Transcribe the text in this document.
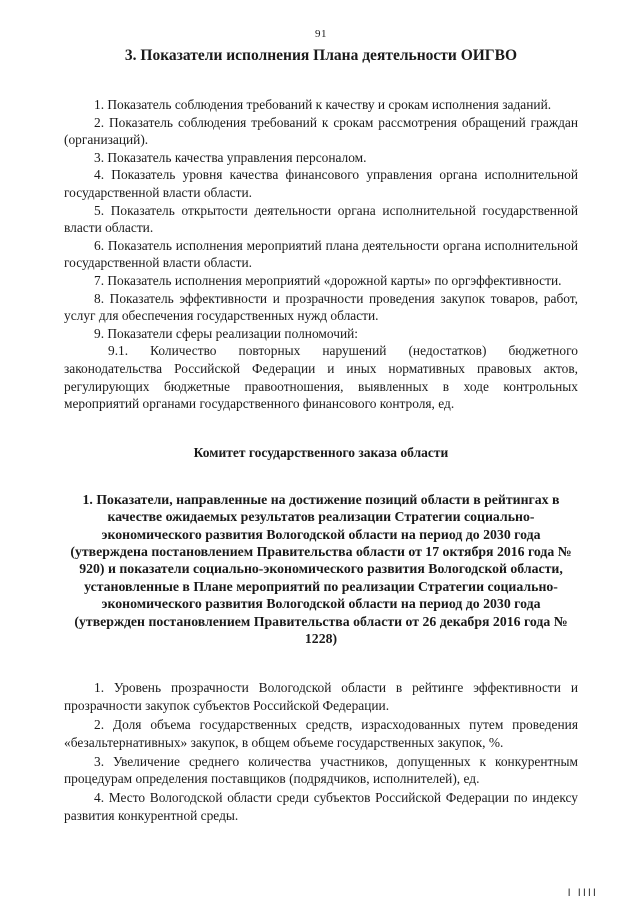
91
3. Показатели исполнения Плана деятельности ОИГВО

1. Показатель соблюдения требований к качеству и срокам исполнения заданий.

2. Показатель соблюдения требований к срокам рассмотрения обращений граждан (организаций).

3. Показатель качества управления персоналом.

4. Показатель уровня качества финансового управления органа исполнительной государственной власти области.

5. Показатель открытости деятельности органа исполнительной государственной власти области.

6. Показатель исполнения мероприятий плана деятельности органа исполнительной государственной власти области.

7. Показатель исполнения мероприятий «дорожной карты» по оргэффективности.

8. Показатель эффективности и прозрачности проведения закупок товаров, работ, услуг для обеспечения государственных нужд области.

9. Показатели сферы реализации полномочий:

9.1. Количество повторных нарушений (недостатков) бюджетного законодательства Российской Федерации и иных нормативных правовых актов, регулирующих бюджетные правоотношения, выявленных в ходе контрольных мероприятий органами государственного финансового контроля, ед.

Комитет государственного заказа области
1. Показатели, направленные на достижение позиций области в рейтингах в качестве ожидаемых результатов реализации Стратегии социально-экономического развития Вологодской области на период до 2030 года (утверждена постановлением Правительства области от 17 октября 2016 года № 920) и показатели социально-экономического развития Вологодской области, установленные в Плане мероприятий по реализации Стратегии социально-экономического развития Вологодской области на период до 2030 года (утвержден постановлением Правительства области от 26 декабря 2016 года № 1228)

1. Уровень прозрачности Вологодской области в рейтинге эффективности и прозрачности закупок субъектов Российской Федерации.

2. Доля объема государственных средств, израсходованных путем проведения «безальтернативных» закупок, в общем объеме государственных закупок, %.

3. Увеличение среднего количества участников, допущенных к конкурентным процедурам определения поставщиков (подрядчиков, исполнителей), ед.

4. Место Вологодской области среди субъектов Российской Федерации по индексу развития конкурентной среды.

I IIII
